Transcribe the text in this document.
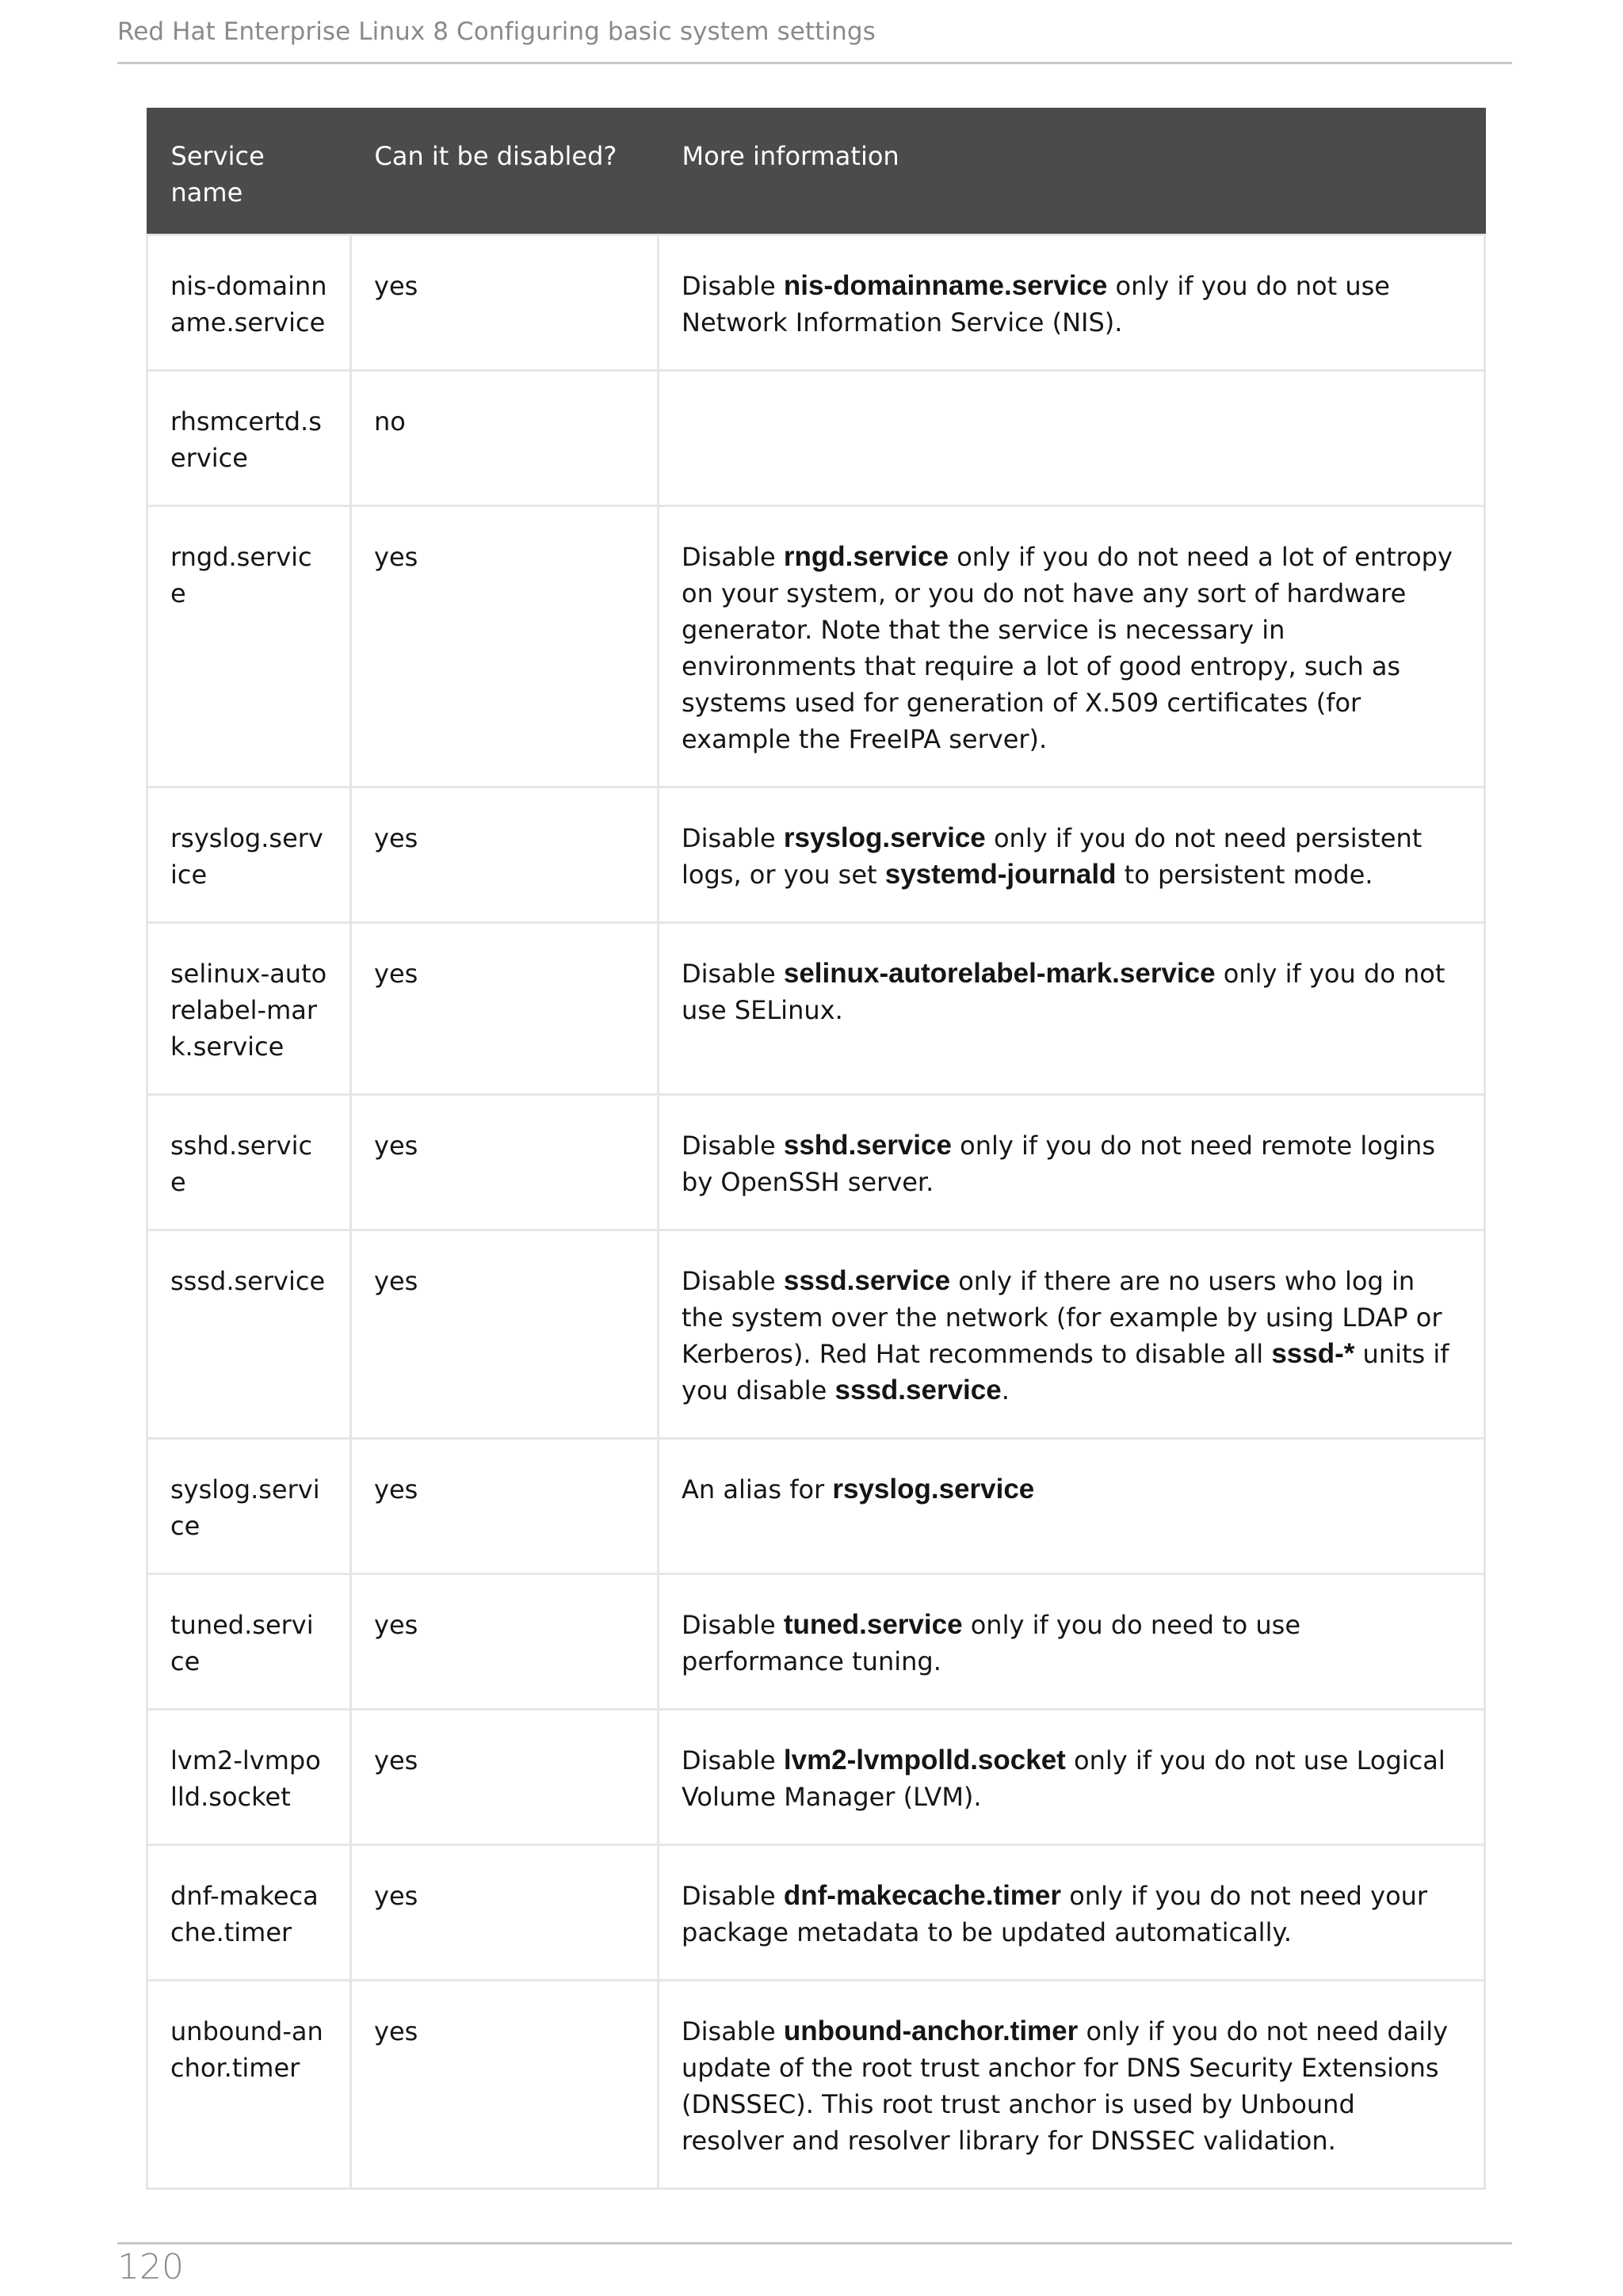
Red Hat Enterprise Linux 8 Configuring basic system settings
Service name	Can it be disabled?	More information
nis-domainname.service	yes	Disable nis-domainname.service only if you do not use Network Information Service (NIS).
rhsmcertd.service	no	
rngd.service	yes	Disable rngd.service only if you do not need a lot of entropy on your system, or you do not have any sort of hardware generator. Note that the service is necessary in environments that require a lot of good entropy, such as systems used for generation of X.509 certificates (for example the FreeIPA server).
rsyslog.service	yes	Disable rsyslog.service only if you do not need persistent logs, or you set systemd-journald to persistent mode.
selinux-autorelabel-mark.service	yes	Disable selinux-autorelabel-mark.service only if you do not use SELinux.
sshd.service	yes	Disable sshd.service only if you do not need remote logins by OpenSSH server.
sssd.service	yes	Disable sssd.service only if there are no users who log in the system over the network (for example by using LDAP or Kerberos). Red Hat recommends to disable all sssd-* units if you disable sssd.service.
syslog.service	yes	An alias for rsyslog.service
tuned.service	yes	Disable tuned.service only if you do need to use performance tuning.
lvm2-lvmpolld.socket	yes	Disable lvm2-lvmpolld.socket only if you do not use Logical Volume Manager (LVM).
dnf-makecache.timer	yes	Disable dnf-makecache.timer only if you do not need your package metadata to be updated automatically.
unbound-anchor.timer	yes	Disable unbound-anchor.timer only if you do not need daily update of the root trust anchor for DNS Security Extensions (DNSSEC). This root trust anchor is used by Unbound resolver and resolver library for DNSSEC validation.
120
